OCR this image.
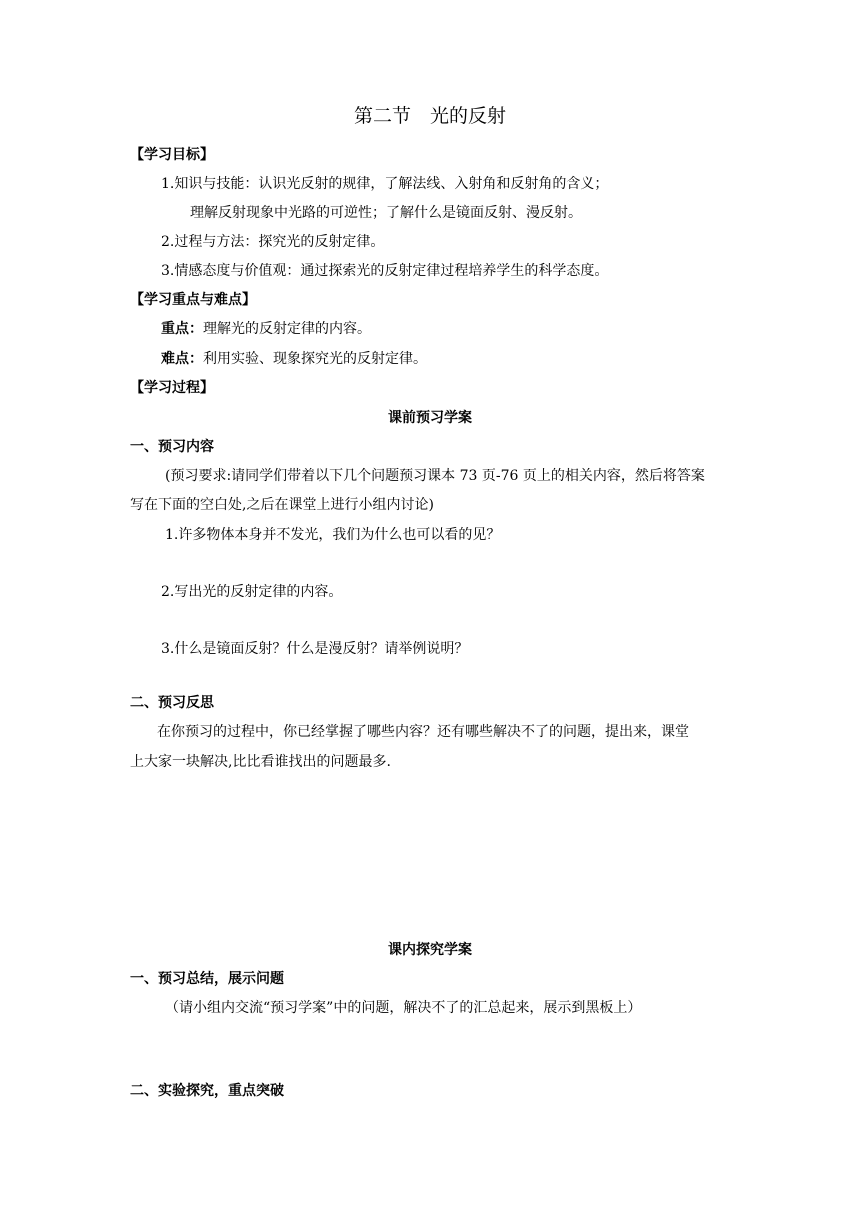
第二节　光的反射
【学习目标】
1.知识与技能：认识光反射的规律，了解法线、入射角和反射角的含义；
理解反射现象中光路的可逆性；了解什么是镜面反射、漫反射。
2.过程与方法：探究光的反射定律。
3.情感态度与价值观：通过探索光的反射定律过程培养学生的科学态度。
【学习重点与难点】
重点：理解光的反射定律的内容。
难点：利用实验、现象探究光的反射定律。
【学习过程】
课前预习学案
一、预习内容
(预习要求:请同学们带着以下几个问题预习课本 73 页-76 页上的相关内容，然后将答案
写在下面的空白处,之后在课堂上进行小组内讨论)
1.许多物体本身并不发光，我们为什么也可以看的见？
2.写出光的反射定律的内容。
3.什么是镜面反射？什么是漫反射？请举例说明？
二、预习反思
在你预习的过程中，你已经掌握了哪些内容？还有哪些解决不了的问题，提出来，课堂
上大家一块解决,比比看谁找出的问题最多.
课内探究学案
一、预习总结，展示问题
（请小组内交流“预习学案”中的问题，解决不了的汇总起来，展示到黑板上）
二、实验探究，重点突破
